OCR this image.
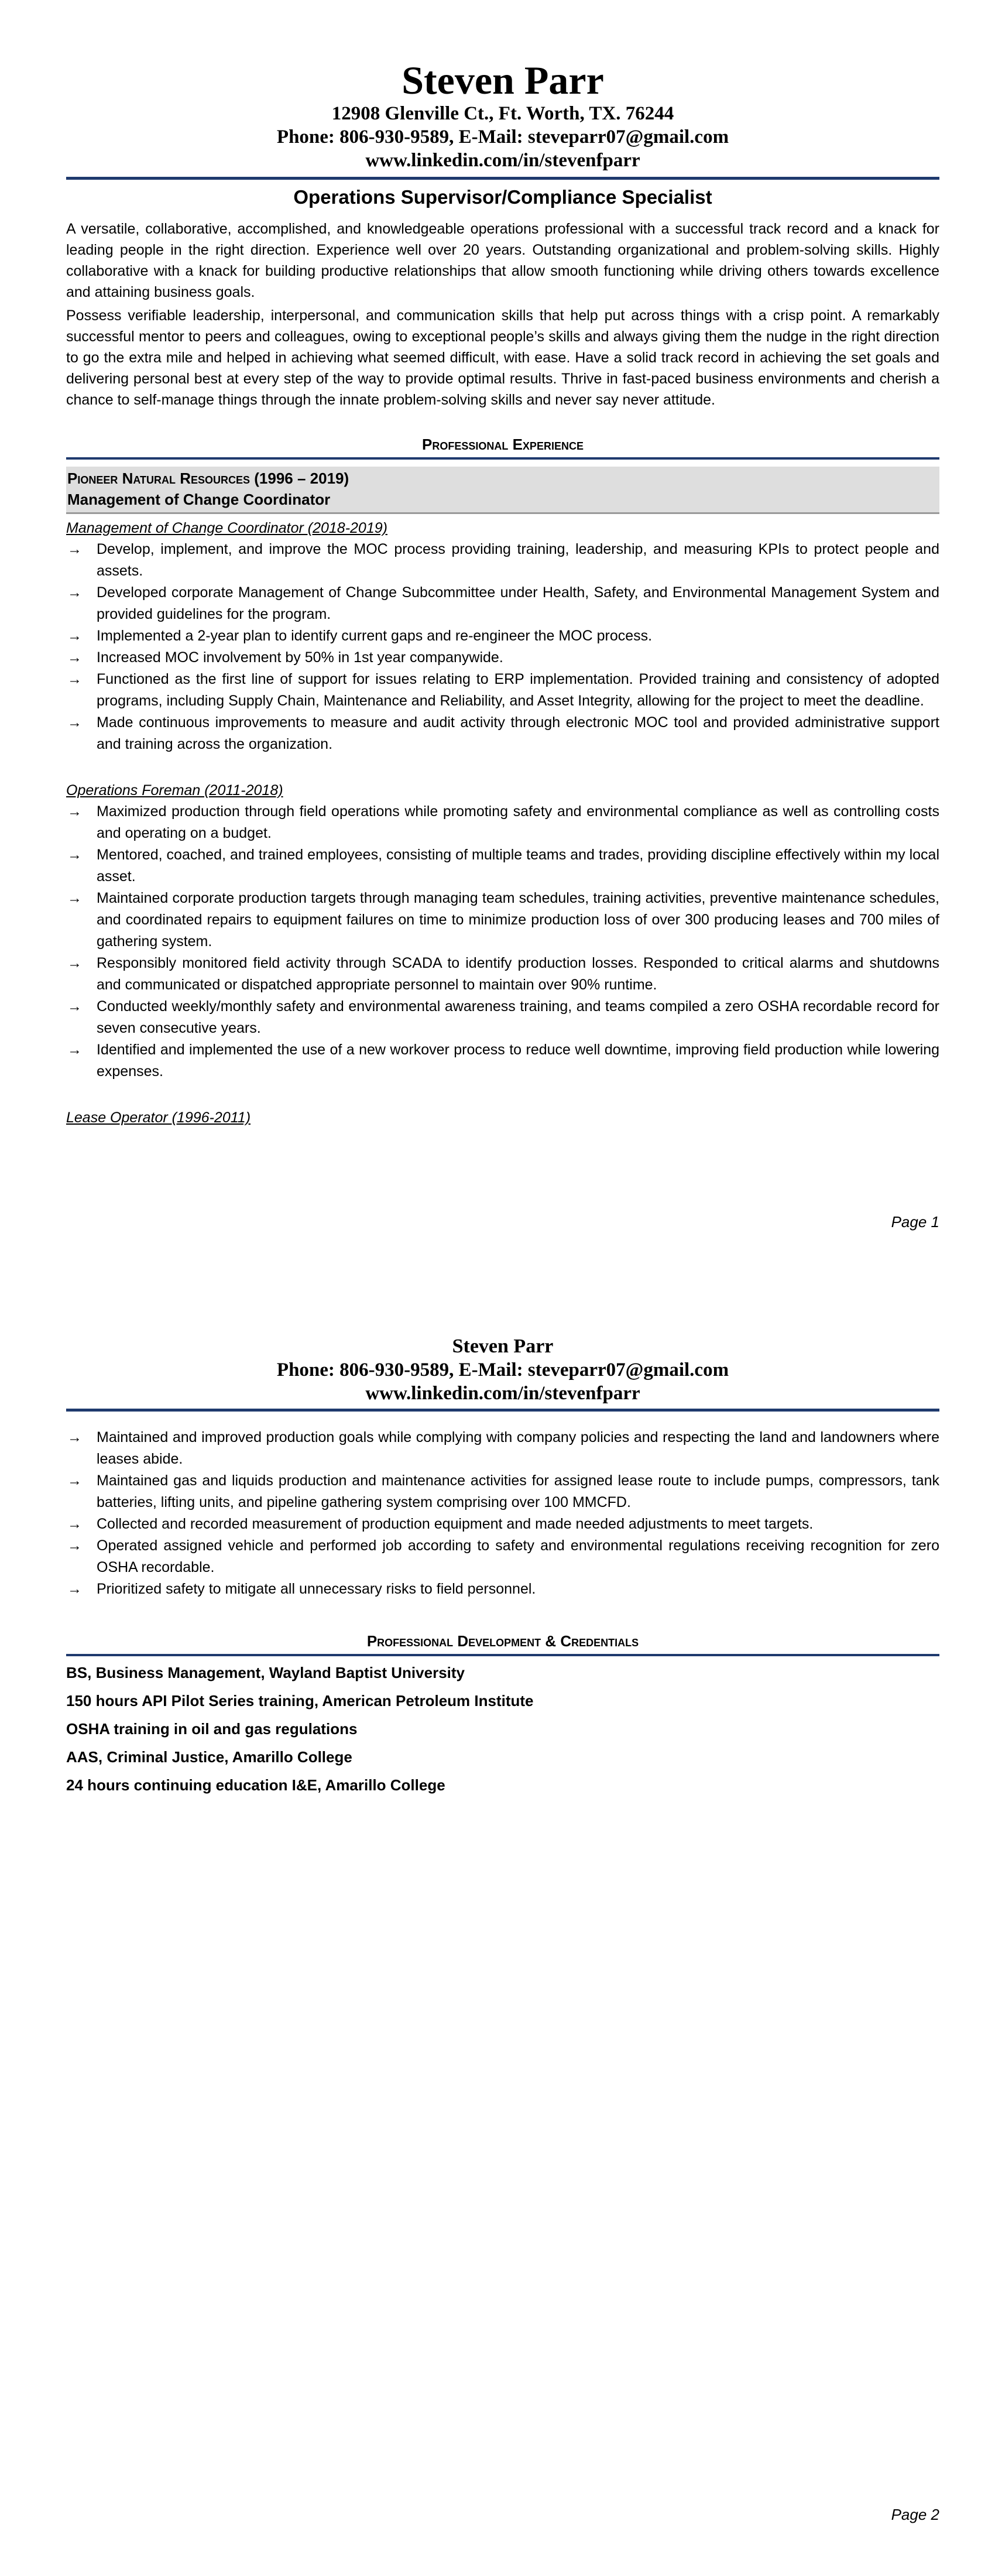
Steven Parr
12908 Glenville Ct., Ft. Worth, TX. 76244
Phone: 806-930-9589, E-Mail: steveparr07@gmail.com
www.linkedin.com/in/stevenfparr
Operations Supervisor/Compliance Specialist

A versatile, collaborative, accomplished, and knowledgeable operations professional with a successful track record and a knack for leading people in the right direction. Experience well over 20 years. Outstanding organizational and problem-solving skills. Highly collaborative with a knack for building productive relationships that allow smooth functioning while driving others towards excellence and attaining business goals.

Possess verifiable leadership, interpersonal, and communication skills that help put across things with a crisp point. A remarkably successful mentor to peers and colleagues, owing to exceptional people’s skills and always giving them the nudge in the right direction to go the extra mile and helped in achieving what seemed difficult, with ease. Have a solid track record in achieving the set goals and delivering personal best at every step of the way to provide optimal results. Thrive in fast-paced business environments and cherish a chance to self-manage things through the innate problem-solving skills and never say never attitude.

Professional Experience
Pioneer Natural Resources (1996 – 2019)
Management of Change Coordinator
Management of Change Coordinator (2018-2019)
→ Develop, implement, and improve the MOC process providing training, leadership, and measuring KPIs to protect people and assets.
→ Developed corporate Management of Change Subcommittee under Health, Safety, and Environmental Management System and provided guidelines for the program.
→ Implemented a 2-year plan to identify current gaps and re-engineer the MOC process.
→ Increased MOC involvement by 50% in 1st year companywide.
→ Functioned as the first line of support for issues relating to ERP implementation. Provided training and consistency of adopted programs, including Supply Chain, Maintenance and Reliability, and Asset Integrity, allowing for the project to meet the deadline.
→ Made continuous improvements to measure and audit activity through electronic MOC tool and provided administrative support and training across the organization.
Operations Foreman (2011-2018)
→ Maximized production through field operations while promoting safety and environmental compliance as well as controlling costs and operating on a budget.
→ Mentored, coached, and trained employees, consisting of multiple teams and trades, providing discipline effectively within my local asset.
→ Maintained corporate production targets through managing team schedules, training activities, preventive maintenance schedules, and coordinated repairs to equipment failures on time to minimize production loss of over 300 producing leases and 700 miles of gathering system.
→ Responsibly monitored field activity through SCADA to identify production losses. Responded to critical alarms and shutdowns and communicated or dispatched appropriate personnel to maintain over 90% runtime.
→ Conducted weekly/monthly safety and environmental awareness training, and teams compiled a zero OSHA recordable record for seven consecutive years.
→ Identified and implemented the use of a new workover process to reduce well downtime, improving field production while lowering expenses.
Lease Operator (1996-2011)
Page 1
Steven Parr
Phone: 806-930-9589, E-Mail: steveparr07@gmail.com
www.linkedin.com/in/stevenfparr
→ Maintained and improved production goals while complying with company policies and respecting the land and landowners where leases abide.
→ Maintained gas and liquids production and maintenance activities for assigned lease route to include pumps, compressors, tank batteries, lifting units, and pipeline gathering system comprising over 100 MMCFD.
→ Collected and recorded measurement of production equipment and made needed adjustments to meet targets.
→ Operated assigned vehicle and performed job according to safety and environmental regulations receiving recognition for zero OSHA recordable.
→ Prioritized safety to mitigate all unnecessary risks to field personnel.
Professional Development & Credentials
BS, Business Management, Wayland Baptist University
150 hours API Pilot Series training, American Petroleum Institute
OSHA training in oil and gas regulations
AAS, Criminal Justice, Amarillo College
24 hours continuing education I&E, Amarillo College
Page 2
